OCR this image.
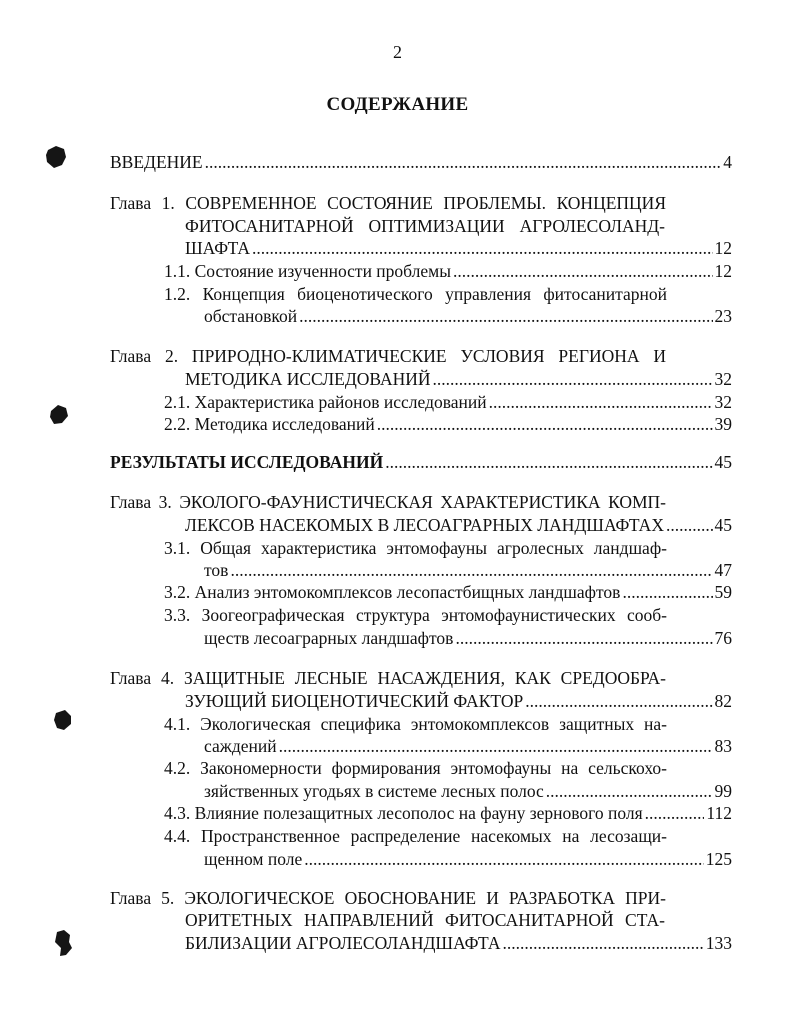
2
СОДЕРЖАНИЕ
ВВЕДЕНИЕ .....	4
Глава 1. СОВРЕМЕННОЕ СОСТОЯНИЕ ПРОБЛЕМЫ. КОНЦЕПЦИЯ
ФИТОСАНИТАРНОЙ ОПТИМИЗАЦИИ АГРОЛЕСОЛАНД-
ШАФТА .....	12
1.1. Состояние изученности проблемы .....	12
1.2. Концепция биоценотического управления фитосанитарной
обстановкой .....	23
Глава 2. ПРИРОДНО-КЛИМАТИЧЕСКИЕ УСЛОВИЯ РЕГИОНА И
МЕТОДИКА ИССЛЕДОВАНИЙ .....	32
2.1. Характеристика районов исследований .....	32
2.2. Методика исследований .....	39
РЕЗУЛЬТАТЫ ИССЛЕДОВАНИЙ .....	45
Глава 3. ЭКОЛОГО-ФАУНИСТИЧЕСКАЯ ХАРАКТЕРИСТИКА КОМП-
ЛЕКСОВ НАСЕКОМЫХ В ЛЕСОАГРАРНЫХ ЛАНДШАФТАХ .....	45
3.1. Общая характеристика энтомофауны агролесных ландшаф-
тов .....	47
3.2. Анализ энтомокомплексов лесопастбищных ландшафтов .....	59
3.3. Зоогеографическая структура энтомофаунистических сооб-
ществ лесоаграрных ландшафтов .....	76
Глава 4. ЗАЩИТНЫЕ ЛЕСНЫЕ НАСАЖДЕНИЯ, КАК СРЕДООБРА-
ЗУЮЩИЙ БИОЦЕНОТИЧЕСКИЙ ФАКТОР .....	82
4.1. Экологическая специфика энтомокомплексов защитных на-
саждений .....	83
4.2. Закономерности формирования энтомофауны на сельскохо-
зяйственных угодьях в системе лесных полос .....	99
4.3. Влияние полезащитных лесополос на фауну зернового поля .....	112
4.4. Пространственное распределение насекомых на лесозащи-
щенном поле .....	125
Глава 5. ЭКОЛОГИЧЕСКОЕ ОБОСНОВАНИЕ И РАЗРАБОТКА ПРИ-
ОРИТЕТНЫХ НАПРАВЛЕНИЙ ФИТОСАНИТАРНОЙ СТА-
БИЛИЗАЦИИ АГРОЛЕСОЛАНДШАФТА .....	133
